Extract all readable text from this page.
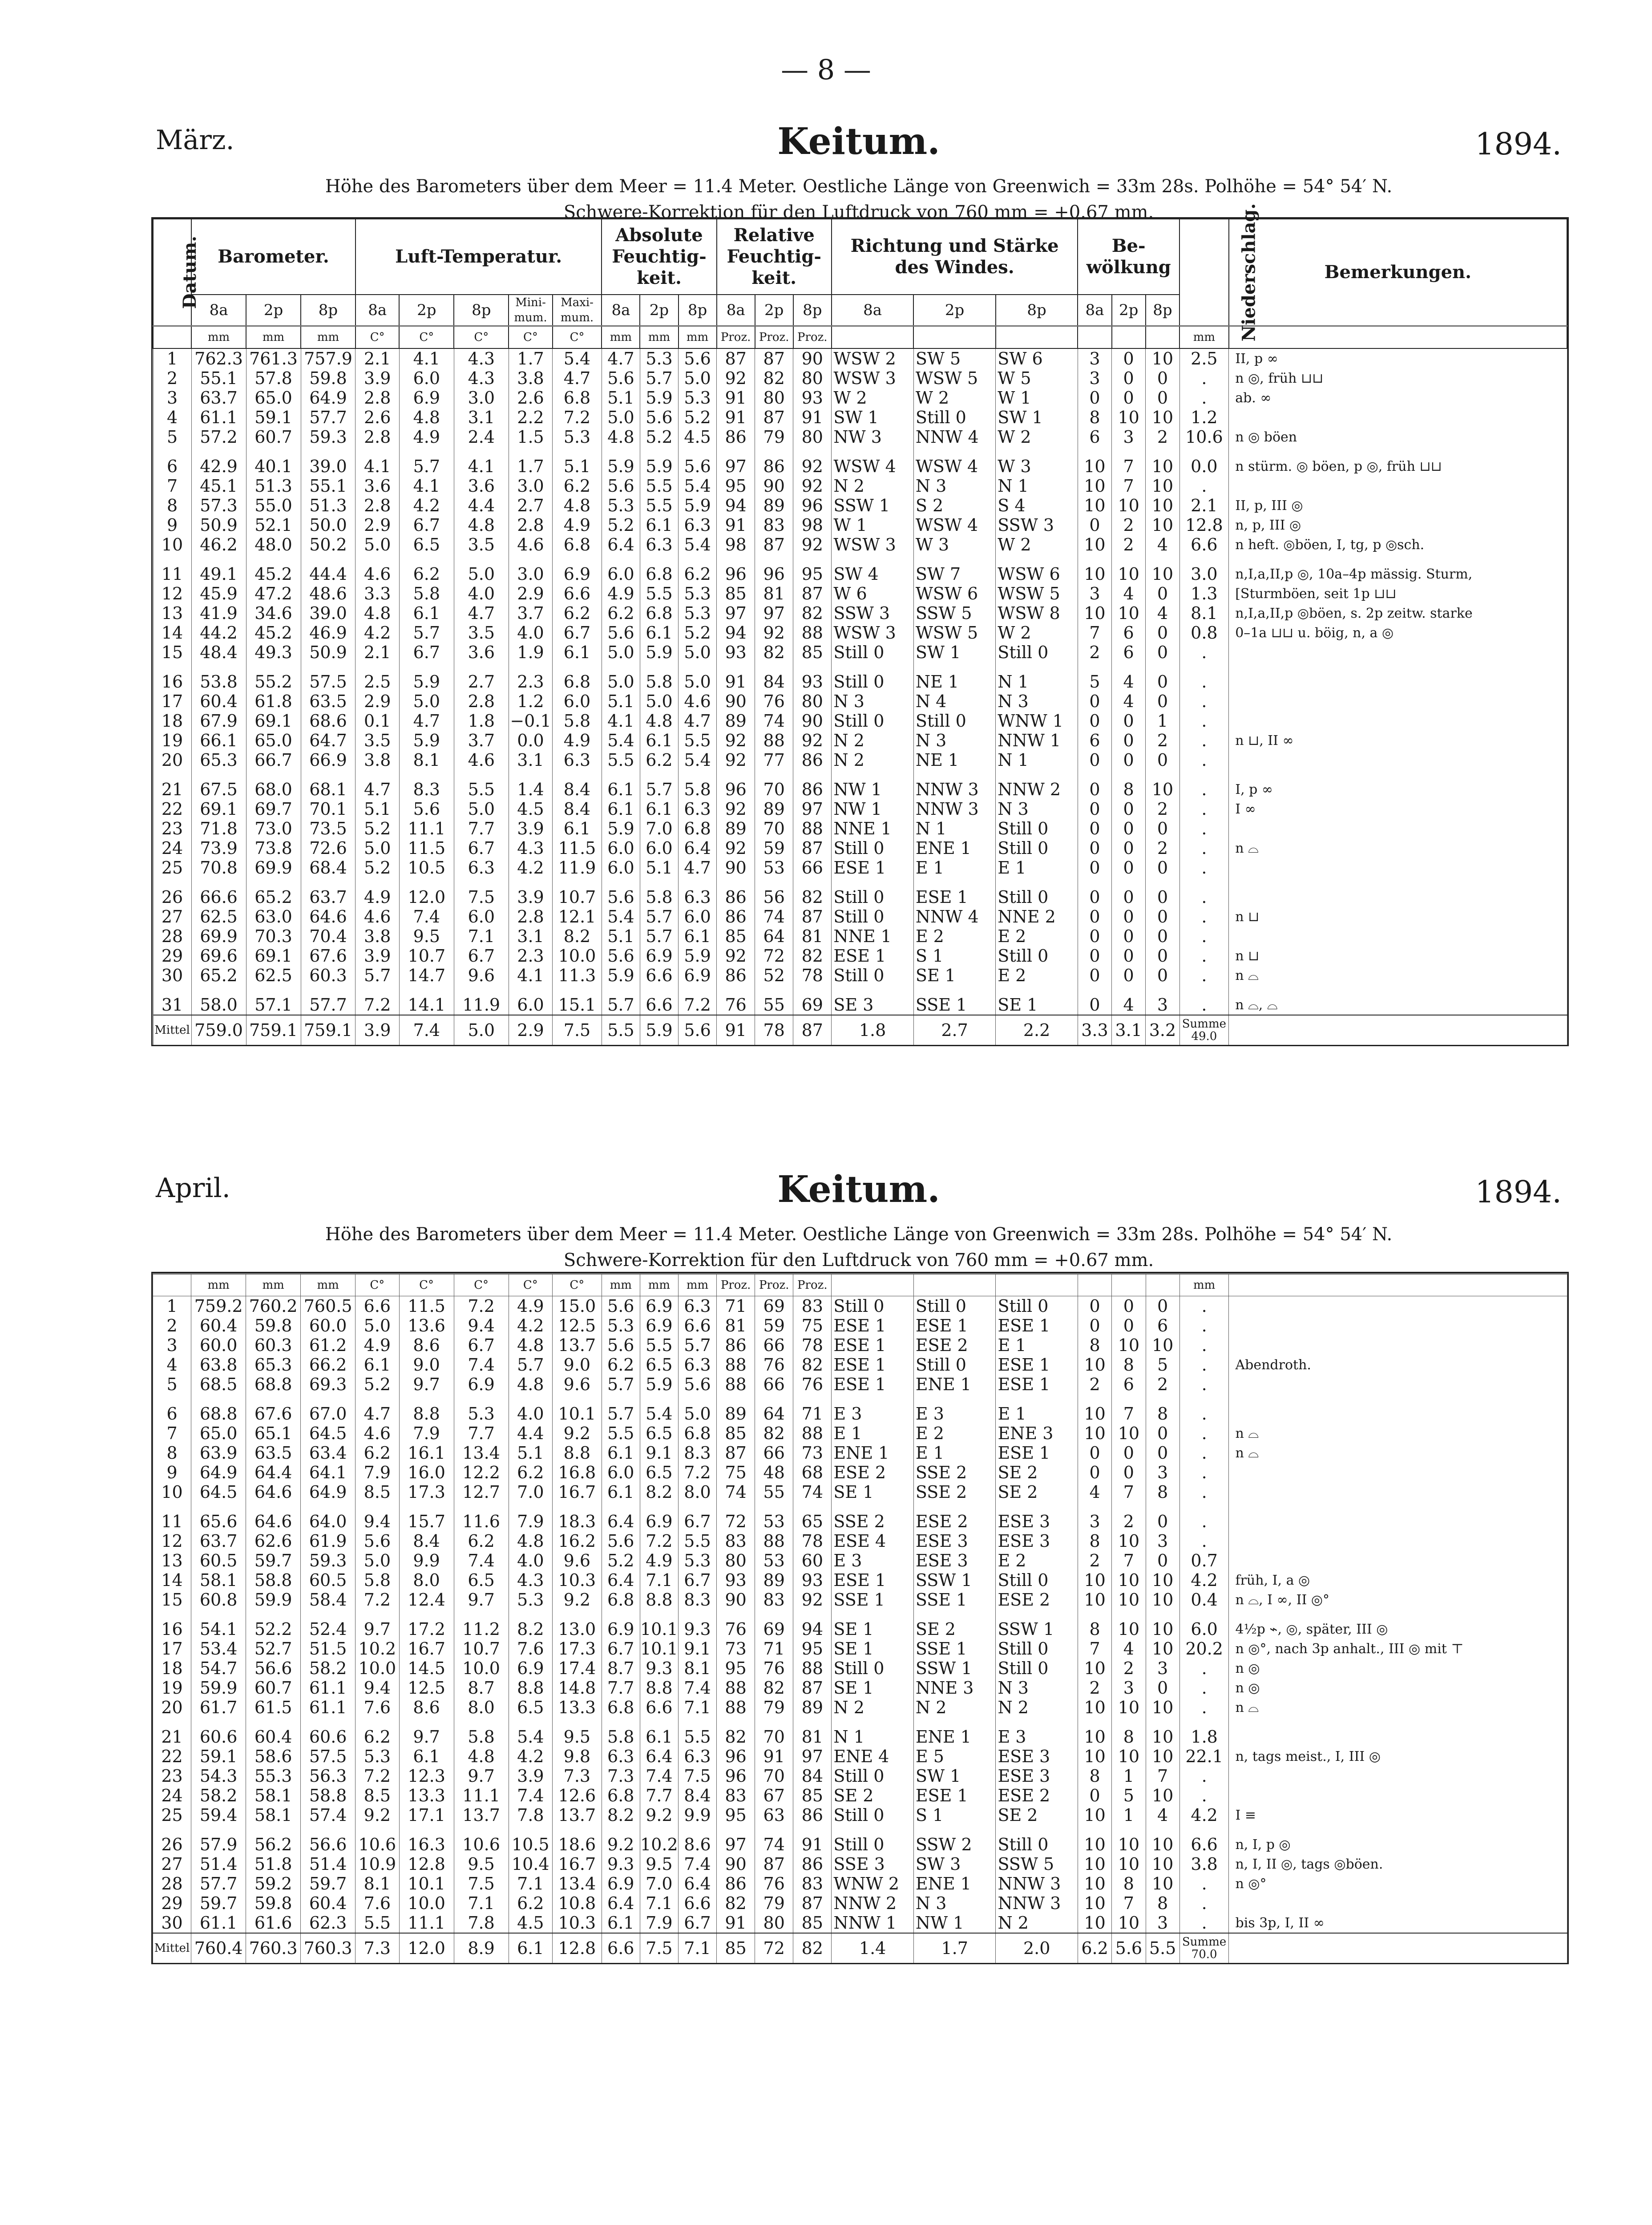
— 8 —
März.	Keitum.	1894.
Höhe des Barometers über dem Meer = 11.4 Meter. Oestliche Länge von Greenwich = 33m 28s. Polhöhe = 54° 54′ N.
Schwere-Korrektion für den Luftdruck von 760 mm = +0.67 mm.
Datum.	Barometer.			Luft-Temperatur.					Absolute Feuchtig-keit.			Relative Feuchtig-keit.			Richtung und Stärke des Windes.			Be-wölkung			Niederschlag.	Bemerkungen.
	8a	2p	8p	8a	2p	8p	Mini-mum.	Maxi-mum.	8a	2p	8p	8a	2p	8p	8a	2p	8p	8a	2p	8p		
	mm	mm	mm	C°	C°	C°	C°	C°	mm	mm	mm	Proz.	Proz.	Proz.							mm	
1	762.3	761.3	757.9	2.1	4.1	4.3	1.7	5.4	4.7	5.3	5.6	87	87	90	WSW 2	SW 5	SW 6	3	0	10	2.5	II, p ∞
2	55.1	57.8	59.8	3.9	6.0	4.3	3.8	4.7	5.6	5.7	5.0	92	82	80	WSW 3	WSW 5	W 5	3	0	0	.	n ◎, früh ⊔⊔
3	63.7	65.0	64.9	2.8	6.9	3.0	2.6	6.8	5.1	5.9	5.3	91	80	93	W 2	W 2	W 1	0	0	0	.	ab. ∞
4	61.1	59.1	57.7	2.6	4.8	3.1	2.2	7.2	5.0	5.6	5.2	91	87	91	SW 1	Still 0	SW 1	8	10	10	1.2	
5	57.2	60.7	59.3	2.8	4.9	2.4	1.5	5.3	4.8	5.2	4.5	86	79	80	NW 3	NNW 4	W 2	6	3	2	10.6	n ◎ böen
6	42.9	40.1	39.0	4.1	5.7	4.1	1.7	5.1	5.9	5.9	5.6	97	86	92	WSW 4	WSW 4	W 3	10	7	10	0.0	n stürm. ◎ böen, p ◎, früh ⊔⊔
7	45.1	51.3	55.1	3.6	4.1	3.6	3.0	6.2	5.6	5.5	5.4	95	90	92	N 2	N 3	N 1	10	7	10	.	
8	57.3	55.0	51.3	2.8	4.2	4.4	2.7	4.8	5.3	5.5	5.9	94	89	96	SSW 1	S 2	S 4	10	10	10	2.1	II, p, III ◎
9	50.9	52.1	50.0	2.9	6.7	4.8	2.8	4.9	5.2	6.1	6.3	91	83	98	W 1	WSW 4	SSW 3	0	2	10	12.8	n, p, III ◎
10	46.2	48.0	50.2	5.0	6.5	3.5	4.6	6.8	6.4	6.3	5.4	98	87	92	WSW 3	W 3	W 2	10	2	4	6.6	n heft. ◎böen, I, tg, p ◎sch.
11	49.1	45.2	44.4	4.6	6.2	5.0	3.0	6.9	6.0	6.8	6.2	96	96	95	SW 4	SW 7	WSW 6	10	10	10	3.0	n,I,a,II,p ◎, 10a–4p mässig. Sturm,
12	45.9	47.2	48.6	3.3	5.8	4.0	2.9	6.6	4.9	5.5	5.3	85	81	87	W 6	WSW 6	WSW 5	3	4	0	1.3	[Sturmböen, seit 1p ⊔⊔
13	41.9	34.6	39.0	4.8	6.1	4.7	3.7	6.2	6.2	6.8	5.3	97	97	82	SSW 3	SSW 5	WSW 8	10	10	4	8.1	n,I,a,II,p ◎böen, s. 2p zeitw. starke
14	44.2	45.2	46.9	4.2	5.7	3.5	4.0	6.7	5.6	6.1	5.2	94	92	88	WSW 3	WSW 5	W 2	7	6	0	0.8	0–1a ⊔⊔ u. böig, n, a ◎
15	48.4	49.3	50.9	2.1	6.7	3.6	1.9	6.1	5.0	5.9	5.0	93	82	85	Still 0	SW 1	Still 0	2	6	0	.	
16	53.8	55.2	57.5	2.5	5.9	2.7	2.3	6.8	5.0	5.8	5.0	91	84	93	Still 0	NE 1	N 1	5	4	0	.	
17	60.4	61.8	63.5	2.9	5.0	2.8	1.2	6.0	5.1	5.0	4.6	90	76	80	N 3	N 4	N 3	0	4	0	.	
18	67.9	69.1	68.6	0.1	4.7	1.8	−0.1	5.8	4.1	4.8	4.7	89	74	90	Still 0	Still 0	WNW 1	0	0	1	.	
19	66.1	65.0	64.7	3.5	5.9	3.7	0.0	4.9	5.4	6.1	5.5	92	88	92	N 2	N 3	NNW 1	6	0	2	.	n ⊔, II ∞
20	65.3	66.7	66.9	3.8	8.1	4.6	3.1	6.3	5.5	6.2	5.4	92	77	86	N 2	NE 1	N 1	0	0	0	.	
21	67.5	68.0	68.1	4.7	8.3	5.5	1.4	8.4	6.1	5.7	5.8	96	70	86	NW 1	NNW 3	NNW 2	0	8	10	.	I, p ∞
22	69.1	69.7	70.1	5.1	5.6	5.0	4.5	8.4	6.1	6.1	6.3	92	89	97	NW 1	NNW 3	N 3	0	0	2	.	I ∞
23	71.8	73.0	73.5	5.2	11.1	7.7	3.9	6.1	5.9	7.0	6.8	89	70	88	NNE 1	N 1	Still 0	0	0	0	.	
24	73.9	73.8	72.6	5.0	11.5	6.7	4.3	11.5	6.0	6.0	6.4	92	59	87	Still 0	ENE 1	Still 0	0	0	2	.	n ⌓
25	70.8	69.9	68.4	5.2	10.5	6.3	4.2	11.9	6.0	5.1	4.7	90	53	66	ESE 1	E 1	E 1	0	0	0	.	
26	66.6	65.2	63.7	4.9	12.0	7.5	3.9	10.7	5.6	5.8	6.3	86	56	82	Still 0	ESE 1	Still 0	0	0	0	.	
27	62.5	63.0	64.6	4.6	7.4	6.0	2.8	12.1	5.4	5.7	6.0	86	74	87	Still 0	NNW 4	NNE 2	0	0	0	.	n ⊔
28	69.9	70.3	70.4	3.8	9.5	7.1	3.1	8.2	5.1	5.7	6.1	85	64	81	NNE 1	E 2	E 2	0	0	0	.	
29	69.6	69.1	67.6	3.9	10.7	6.7	2.3	10.0	5.6	6.9	5.9	92	72	82	ESE 1	S 1	Still 0	0	0	0	.	n ⊔
30	65.2	62.5	60.3	5.7	14.7	9.6	4.1	11.3	5.9	6.6	6.9	86	52	78	Still 0	SE 1	E 2	0	0	0	.	n ⌓
31	58.0	57.1	57.7	7.2	14.1	11.9	6.0	15.1	5.7	6.6	7.2	76	55	69	SE 3	SSE 1	SE 1	0	4	3	.	n ⌓, ⌓
Mittel	759.0	759.1	759.1	3.9	7.4	5.0	2.9	7.5	5.5	5.9	5.6	91	78	87	1.8	2.7	2.2	3.3	3.1	3.2	Summe 49.0	
April.	Keitum.	1894.
Höhe des Barometers über dem Meer = 11.4 Meter. Oestliche Länge von Greenwich = 33m 28s. Polhöhe = 54° 54′ N.
Schwere-Korrektion für den Luftdruck von 760 mm = +0.67 mm.
	mm	mm	mm	C°	C°	C°	C°	C°	mm	mm	mm	Proz.	Proz.	Proz.							mm	
1	759.2	760.2	760.5	6.6	11.5	7.2	4.9	15.0	5.6	6.9	6.3	71	69	83	Still 0	Still 0	Still 0	0	0	0	.	
2	60.4	59.8	60.0	5.0	13.6	9.4	4.2	12.5	5.3	6.9	6.6	81	59	75	ESE 1	ESE 1	ESE 1	0	0	6	.	
3	60.0	60.3	61.2	4.9	8.6	6.7	4.8	13.7	5.6	5.5	5.7	86	66	78	ESE 1	ESE 2	E 1	8	10	10	.	
4	63.8	65.3	66.2	6.1	9.0	7.4	5.7	9.0	6.2	6.5	6.3	88	76	82	ESE 1	Still 0	ESE 1	10	8	5	.	Abendroth.
5	68.5	68.8	69.3	5.2	9.7	6.9	4.8	9.6	5.7	5.9	5.6	88	66	76	ESE 1	ENE 1	ESE 1	2	6	2	.	
6	68.8	67.6	67.0	4.7	8.8	5.3	4.0	10.1	5.7	5.4	5.0	89	64	71	E 3	E 3	E 1	10	7	8	.	
7	65.0	65.1	64.5	4.6	7.9	7.7	4.4	9.2	5.5	6.5	6.8	85	82	88	E 1	E 2	ENE 3	10	10	0	.	n ⌓
8	63.9	63.5	63.4	6.2	16.1	13.4	5.1	8.8	6.1	9.1	8.3	87	66	73	ENE 1	E 1	ESE 1	0	0	0	.	n ⌓
9	64.9	64.4	64.1	7.9	16.0	12.2	6.2	16.8	6.0	6.5	7.2	75	48	68	ESE 2	SSE 2	SE 2	0	0	3	.	
10	64.5	64.6	64.9	8.5	17.3	12.7	7.0	16.7	6.1	8.2	8.0	74	55	74	SE 1	SSE 2	SE 2	4	7	8	.	
11	65.6	64.6	64.0	9.4	15.7	11.6	7.9	18.3	6.4	6.9	6.7	72	53	65	SSE 2	ESE 2	ESE 3	3	2	0	.	
12	63.7	62.6	61.9	5.6	8.4	6.2	4.8	16.2	5.6	7.2	5.5	83	88	78	ESE 4	ESE 3	ESE 3	8	10	3	.	
13	60.5	59.7	59.3	5.0	9.9	7.4	4.0	9.6	5.2	4.9	5.3	80	53	60	E 3	ESE 3	E 2	2	7	0	0.7	
14	58.1	58.8	60.5	5.8	8.0	6.5	4.3	10.3	6.4	7.1	6.7	93	89	93	ESE 1	SSW 1	Still 0	10	10	10	4.2	früh, I, a ◎
15	60.8	59.9	58.4	7.2	12.4	9.7	5.3	9.2	6.8	8.8	8.3	90	83	92	SSE 1	SSE 1	ESE 2	10	10	10	0.4	n ⌓, I ∞, II ◎°
16	54.1	52.2	52.4	9.7	17.2	11.2	8.2	13.0	6.9	10.1	9.3	76	69	94	SE 1	SE 2	SSW 1	8	10	10	6.0	4½p ⌁, ◎, später, III ◎
17	53.4	52.7	51.5	10.2	16.7	10.7	7.6	17.3	6.7	10.1	9.1	73	71	95	SE 1	SSE 1	Still 0	7	4	10	20.2	n ◎°, nach 3p anhalt., III ◎ mit ⊤
18	54.7	56.6	58.2	10.0	14.5	10.0	6.9	17.4	8.7	9.3	8.1	95	76	88	Still 0	SSW 1	Still 0	10	2	3	.	n ◎
19	59.9	60.7	61.1	9.4	12.5	8.7	8.8	14.8	7.7	8.8	7.4	88	82	87	SE 1	NNE 3	N 3	2	3	0	.	n ◎
20	61.7	61.5	61.1	7.6	8.6	8.0	6.5	13.3	6.8	6.6	7.1	88	79	89	N 2	N 2	N 2	10	10	10	.	n ⌓
21	60.6	60.4	60.6	6.2	9.7	5.8	5.4	9.5	5.8	6.1	5.5	82	70	81	N 1	ENE 1	E 3	10	8	10	1.8	
22	59.1	58.6	57.5	5.3	6.1	4.8	4.2	9.8	6.3	6.4	6.3	96	91	97	ENE 4	E 5	ESE 3	10	10	10	22.1	n, tags meist., I, III ◎
23	54.3	55.3	56.3	7.2	12.3	9.7	3.9	7.3	7.3	7.4	7.5	96	70	84	Still 0	SW 1	ESE 3	8	1	7	.	
24	58.2	58.1	58.8	8.5	13.3	11.1	7.4	12.6	6.8	7.7	8.4	83	67	85	SE 2	ESE 1	ESE 2	0	5	10	.	
25	59.4	58.1	57.4	9.2	17.1	13.7	7.8	13.7	8.2	9.2	9.9	95	63	86	Still 0	S 1	SE 2	10	1	4	4.2	I ≡
26	57.9	56.2	56.6	10.6	16.3	10.6	10.5	18.6	9.2	10.2	8.6	97	74	91	Still 0	SSW 2	Still 0	10	10	10	6.6	n, I, p ◎
27	51.4	51.8	51.4	10.9	12.8	9.5	10.4	16.7	9.3	9.5	7.4	90	87	86	SSE 3	SW 3	SSW 5	10	10	10	3.8	n, I, II ◎, tags ◎böen.
28	57.7	59.2	59.7	8.1	10.1	7.5	7.1	13.4	6.9	7.0	6.4	86	76	83	WNW 2	ENE 1	NNW 3	10	8	10	.	n ◎°
29	59.7	59.8	60.4	7.6	10.0	7.1	6.2	10.8	6.4	7.1	6.6	82	79	87	NNW 2	N 3	NNW 3	10	7	8	.	
30	61.1	61.6	62.3	5.5	11.1	7.8	4.5	10.3	6.1	7.9	6.7	91	80	85	NNW 1	NW 1	N 2	10	10	3	.	bis 3p, I, II ∞
Mittel	760.4	760.3	760.3	7.3	12.0	8.9	6.1	12.8	6.6	7.5	7.1	85	72	82	1.4	1.7	2.0	6.2	5.6	5.5	Summe 70.0	
